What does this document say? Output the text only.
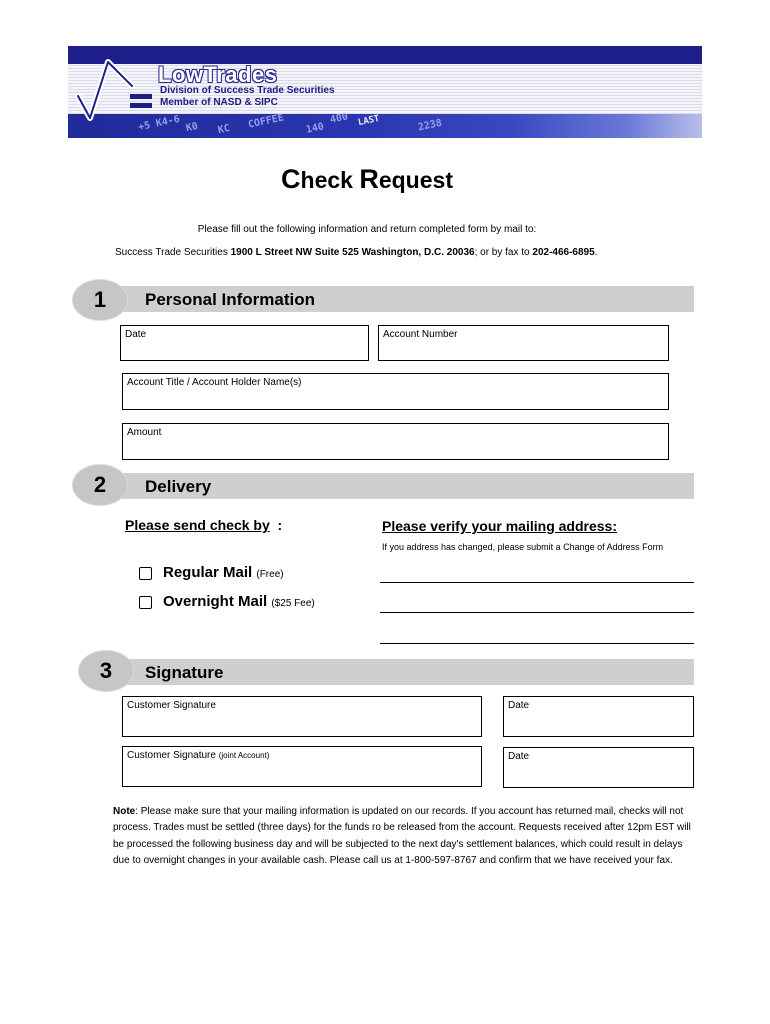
+5 K4-6 K0 KC COFFEE	400
140
LAST	2238
LowTrades
Division of Success Trade Securities
Member of NASD & SIPC
Check Request
Please fill out the following information and return completed form by mail to:
Success Trade Securities 1900 L Street NW Suite 525 Washington, D.C. 20036; or by fax to 202-466-6895.
1	Personal Information
Date	Account Number
Account Title / Account Holder Name(s)
Amount
2	Delivery
Please send check by :	Please verify your mailing address:
If you address has changed, please submit a Change of Address Form
Regular Mail (Free)
Overnight Mail ($25 Fee)
3	Signature
Customer Signature	Date
Customer Signature (joint Account)	Date
Note: Please make sure that your mailing information is updated on our records. If you account has returned mail, checks will not process. Trades must be settled (three days) for the funds ro be released from the account. Requests received after 12pm EST will be processed the following business day and will be subjected to the next day's settlement balances, which could result in delays due to overnight changes in your available cash. Please call us at 1-800-597-8767 and confirm that we have received your fax.
